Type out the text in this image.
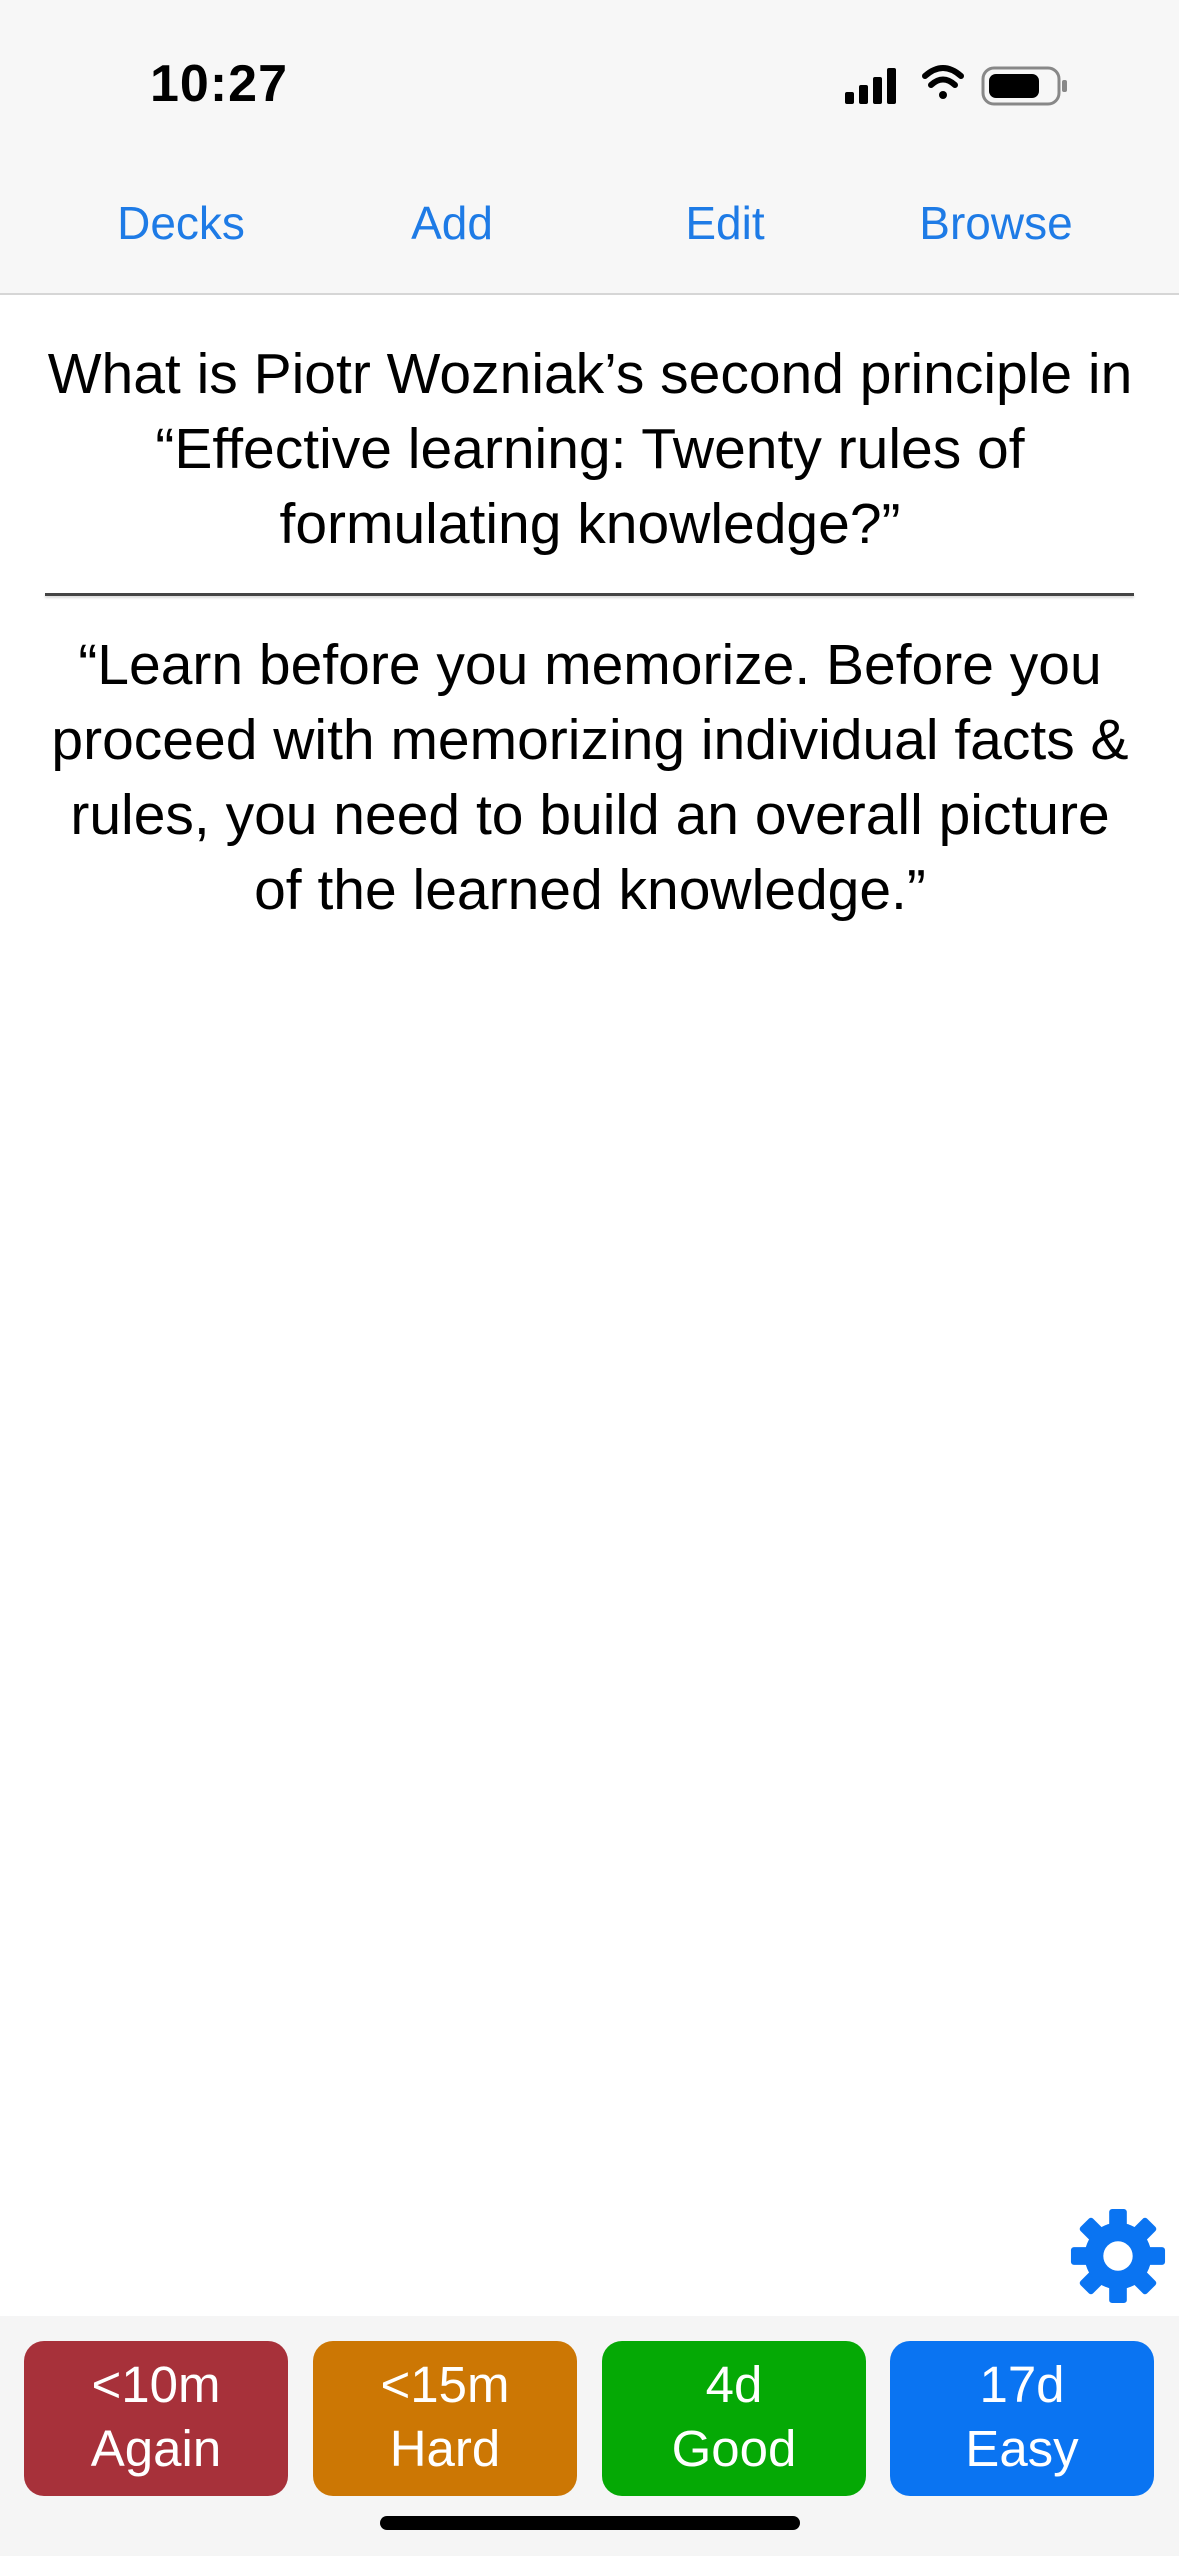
10:27
Decks	Add	Edit	Browse
What is Piotr Wozniak’s second principle in “Effective learning: Twenty rules of formulating knowledge?”
“Learn before you memorize. Before you proceed with memorizing individual facts & rules, you need to build an overall picture of the learned knowledge.”
<10m
Again
<15m
Hard
4d
Good
17d
Easy
